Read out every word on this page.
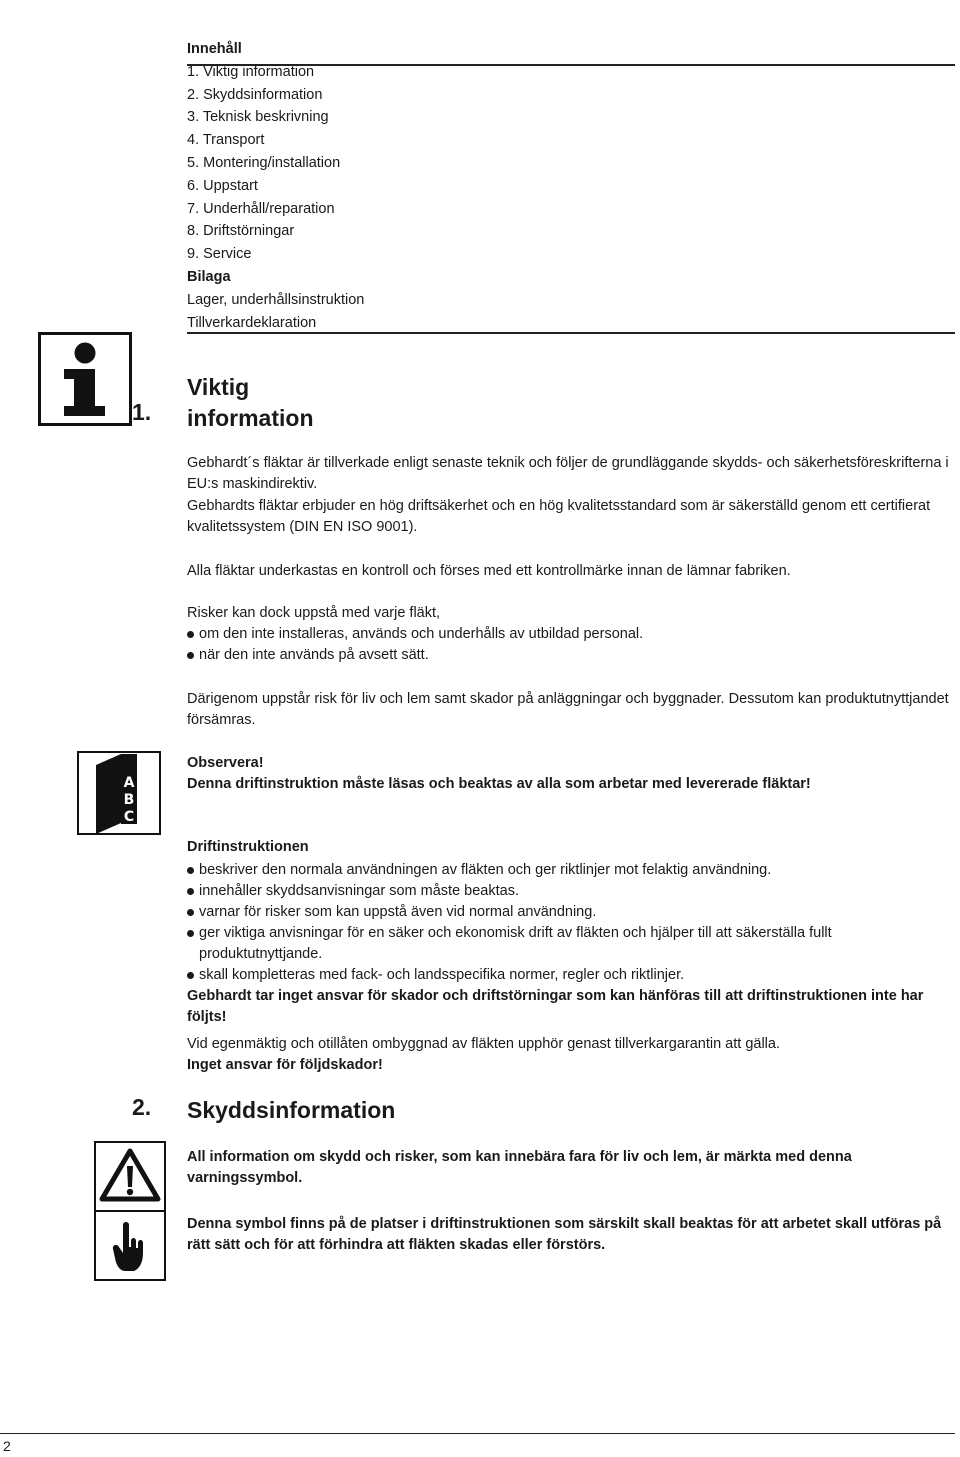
Innehåll
1. Viktig information
2. Skyddsinformation
3. Teknisk beskrivning
4. Transport
5. Montering/installation
6. Uppstart
7. Underhåll/reparation
8. Driftstörningar
9. Service
Bilaga
Lager, underhållsinstruktion
Tillverkardeklaration
1.
Viktig
information

Gebhardt´s fläktar är tillverkade enligt senaste teknik och följer de grundläggande skydds- och säkerhetsföreskrifterna i EU:s maskindirektiv.

Gebhardts fläktar erbjuder en hög driftsäkerhet och en hög kvalitetsstandard som är säkerställd genom ett certifierat kvalitetssystem (DIN EN ISO 9001).

Alla fläktar underkastas en kontroll och förses med ett kontrollmärke innan de lämnar fabriken.

Risker kan dock uppstå med varje fläkt,
om den inte installeras, används och underhålls av utbildad personal.
när den inte används på avsett sätt.

Därigenom uppstår risk för liv och lem samt skador på anläggningar och byggnader. Dessutom kan produktutnyttjandet försämras.

A
B
C
Observera!
Denna driftinstruktion måste läsas och beaktas av alla som arbetar med levererade fläktar!
Driftinstruktionen
beskriver den normala användningen av fläkten och ger riktlinjer mot felaktig användning.
innehåller skyddsanvisningar som måste beaktas.
varnar för risker som kan uppstå även vid normal användning.
ger viktiga anvisningar för en säker och ekonomisk drift av fläkten och hjälper till att säkerställa fullt produktutnyttjande.
skall kompletteras med fack- och landsspecifika normer, regler och riktlinjer.
Gebhardt tar inget ansvar för skador och driftstörningar som kan hänföras till att driftinstruktionen inte har följts!
Vid egenmäktig och otillåten ombyggnad av fläkten upphör genast tillverkargarantin att gälla.
Inget ansvar för följdskador!
2. Skyddsinformation
All information om skydd och risker, som kan innebära fara för liv och lem, är märkta med denna varningssymbol.
Denna symbol finns på de platser i driftinstruktionen som särskilt skall beaktas för att arbetet skall utföras på rätt sätt och för att förhindra att fläkten skadas eller förstörs.
2
